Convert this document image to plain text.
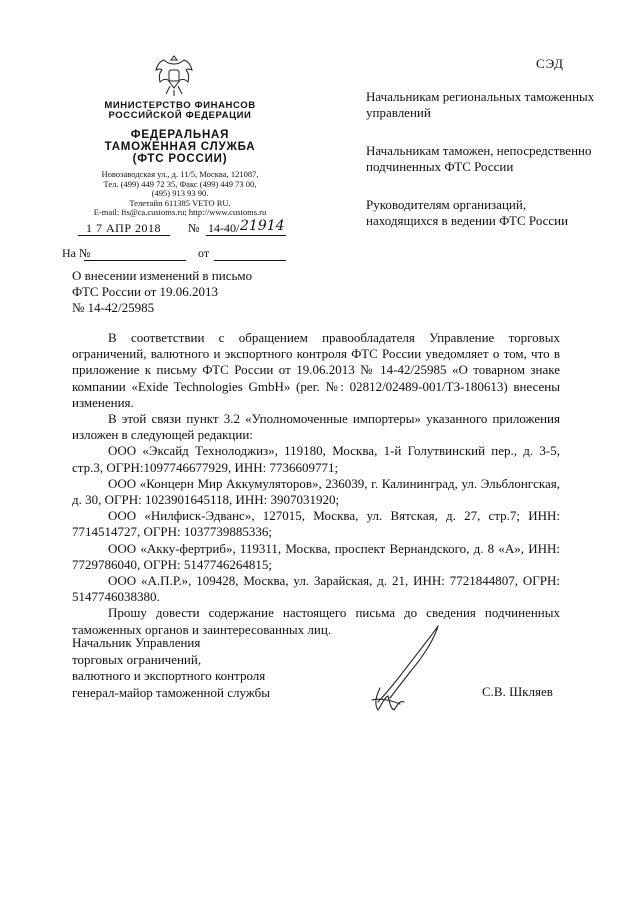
СЭД
МИНИСТЕРСТВО ФИНАНСОВ
РОССИЙСКОЙ ФЕДЕРАЦИИ
ФЕДЕРАЛЬНАЯ
ТАМОЖЕННАЯ СЛУЖБА
(ФТС РОССИИ)
Новозаводская ул., д. 11/5, Москва, 121087,
Тел. (499) 449 72 35, Факс (499) 449 73 00,
(495) 913 93 90.
Телетайп 611385 VETO RU.
E-mail: fts@ca.customs.ru; http://www.customs.ru
1 7 АПР 2018 № 14-40/ 21914
На №	от
Начальникам региональных таможенных управлений
Начальникам таможен, непосредственно подчиненных ФТС России
Руководителям организаций, находящихся в ведении ФТС России
О внесении изменений в письмо
ФТС России от 19.06.2013
№ 14-42/25985

В соответствии с обращением правообладателя Управление торговых ограничений, валютного и экспортного контроля ФТС России уведомляет о том, что в приложение к письму ФТС России от 19.06.2013 № 14-42/25985 «О товарном знаке компании «Exide Technologies GmbH» (рег. №: 02812/02489-001/ТЗ-180613) внесены изменения.

В этой связи пункт 3.2 «Уполномоченные импортеры» указанного приложения изложен в следующей редакции:

ООО «Эксайд Технолоджиз», 119180, Москва, 1-й Голутвинский пер., д. 3-5, стр.3, ОГРН:1097746677929, ИНН: 7736609771;

ООО «Концерн Мир Аккумуляторов», 236039, г. Калининград, ул. Эльблонгская, д. 30, ОГРН: 1023901645118, ИНН: 3907031920;

ООО «Нилфиск-Эдванс», 127015, Москва, ул. Вятская, д. 27, стр.7; ИНН: 7714514727, ОГРН: 1037739885336;

ООО «Акку-фертриб», 119311, Москва, проспект Вернандского, д. 8 «А», ИНН: 7729786040, ОГРН: 5147746264815;

ООО «А.П.Р.», 109428, Москва, ул. Зарайская, д. 21, ИНН: 7721844807, ОГРН: 5147746038380.

Прошу довести содержание настоящего письма до сведения подчиненных таможенных органов и заинтересованных лиц.

Начальник Управления
торговых ограничений,
валютного и экспортного контроля
генерал-майор таможенной службы	С.В. Шкляев
